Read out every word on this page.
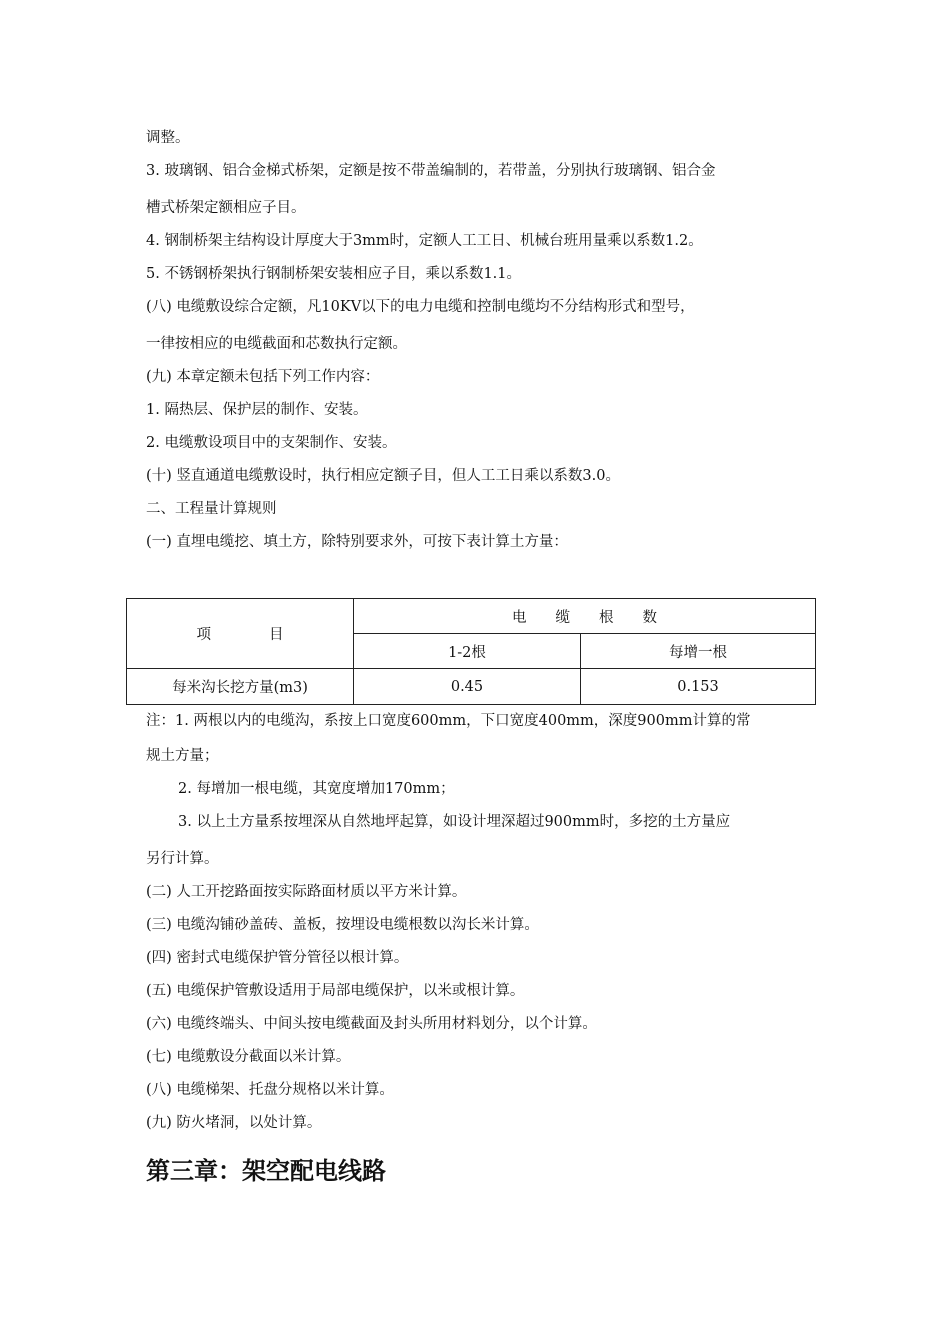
调整。
3. 玻璃钢、铝合金梯式桥架，定额是按不带盖编制的，若带盖，分别执行玻璃钢、铝合金
槽式桥架定额相应子目。
4. 钢制桥架主结构设计厚度大于3mm时，定额人工工日、机械台班用量乘以系数1.2。
5. 不锈钢桥架执行钢制桥架安装相应子目，乘以系数1.1。
(八) 电缆敷设综合定额，凡10KV以下的电力电缆和控制电缆均不分结构形式和型号，
一律按相应的电缆截面和芯数执行定额。
(九) 本章定额未包括下列工作内容：
1. 隔热层、保护层的制作、安装。
2. 电缆敷设项目中的支架制作、安装。
(十) 竖直通道电缆敷设时，执行相应定额子目，但人工工日乘以系数3.0。
二、工程量计算规则
(一) 直埋电缆挖、填土方，除特别要求外，可按下表计算土方量：
项　　　　目	电　　缆　　根　　数	
	1-2根	每增一根
每米沟长挖方量(m3)	0.45	0.153
注：1. 两根以内的电缆沟，系按上口宽度600mm，下口宽度400mm，深度900mm计算的常
规土方量；
2. 每增加一根电缆，其宽度增加170mm；
3. 以上土方量系按埋深从自然地坪起算，如设计埋深超过900mm时，多挖的土方量应
另行计算。
(二) 人工开挖路面按实际路面材质以平方米计算。
(三) 电缆沟铺砂盖砖、盖板，按埋设电缆根数以沟长米计算。
(四) 密封式电缆保护管分管径以根计算。
(五) 电缆保护管敷设适用于局部电缆保护，以米或根计算。
(六) 电缆终端头、中间头按电缆截面及封头所用材料划分，以个计算。
(七) 电缆敷设分截面以米计算。
(八) 电缆梯架、托盘分规格以米计算。
(九) 防火堵洞，以处计算。
第三章：架空配电线路
